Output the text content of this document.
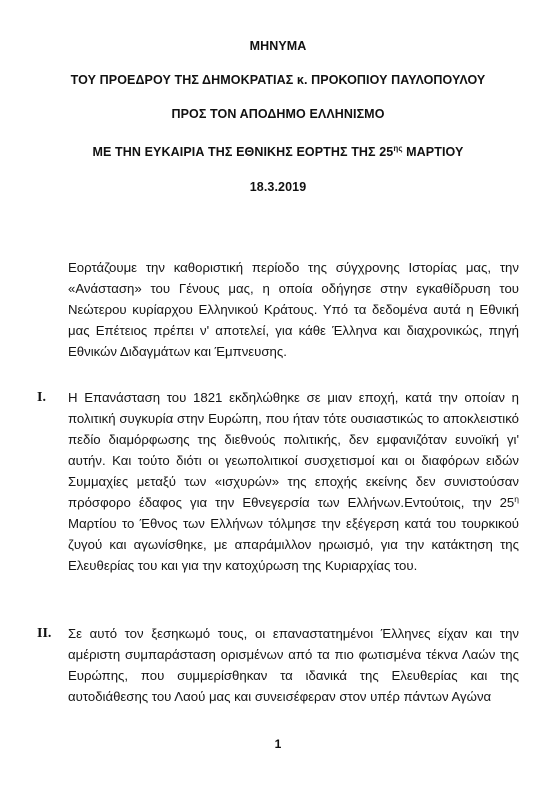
ΜΗΝΥΜΑ
ΤΟΥ ΠΡΟΕΔΡΟΥ ΤΗΣ ΔΗΜΟΚΡΑΤΙΑΣ κ. ΠΡΟΚΟΠΙΟΥ ΠΑΥΛΟΠΟΥΛΟΥ
ΠΡΟΣ ΤΟΝ ΑΠΟΔΗΜΟ ΕΛΛΗΝΙΣΜΟ
ΜΕ ΤΗΝ ΕΥΚΑΙΡΙΑ ΤΗΣ ΕΘΝΙΚΗΣ ΕΟΡΤΗΣ ΤΗΣ $25^{\eta\varsigma}$ ΜΑΡΤΙΟΥ
18.3.2019
Εορτάζουμε την καθοριστική περίοδο της σύγχρονης Ιστορίας μας, την «Ανάσταση» του Γένους μας, η οποία οδήγησε στην εγκαθίδρυση του Νεώτερου κυρίαρχου Ελληνικού Κράτους. Υπό τα δεδομένα αυτά η Εθνική μας Επέτειος πρέπει ν' αποτελεί, για κάθε Έλληνα και διαχρονικώς, πηγή Εθνικών Διδαγμάτων και Έμπνευσης.
I. Η Επανάσταση του 1821 εκδηλώθηκε σε μιαν εποχή, κατά την οποίαν η πολιτική συγκυρία στην Ευρώπη, που ήταν τότε ουσιαστικώς το αποκλειστικό πεδίο διαμόρφωσης της διεθνούς πολιτικής, δεν εμφανιζόταν ευνοϊκή γι' αυτήν. Και τούτο διότι οι γεωπολιτικοί συσχετισμοί και οι διαφόρων ειδών Συμμαχίες μεταξύ των «ισχυρών» της εποχής εκείνης δεν συνιστούσαν πρόσφορο έδαφος για την Εθνεγερσία των Ελλήνων.Εντούτοις, την $25^\eta$ Μαρτίου το Έθνος των Ελλήνων τόλμησε την εξέγερση κατά του τουρκικού ζυγού και αγωνίσθηκε, με απαράμιλλον ηρωισμό, για την κατάκτηση της Ελευθερίας του και για την κατοχύρωση της Κυριαρχίας του.
II. Σε αυτό τον ξεσηκωμό τους, οι επαναστατημένοι Έλληνες είχαν και την αμέριστη συμπαράσταση ορισμένων από τα πιο φωτισμένα τέκνα Λαών της Ευρώπης, που συμμερίσθηκαν τα ιδανικά της Ελευθερίας και της αυτοδιάθεσης του Λαού μας και συνεισέφεραν στον υπέρ πάντων Αγώνα
1
